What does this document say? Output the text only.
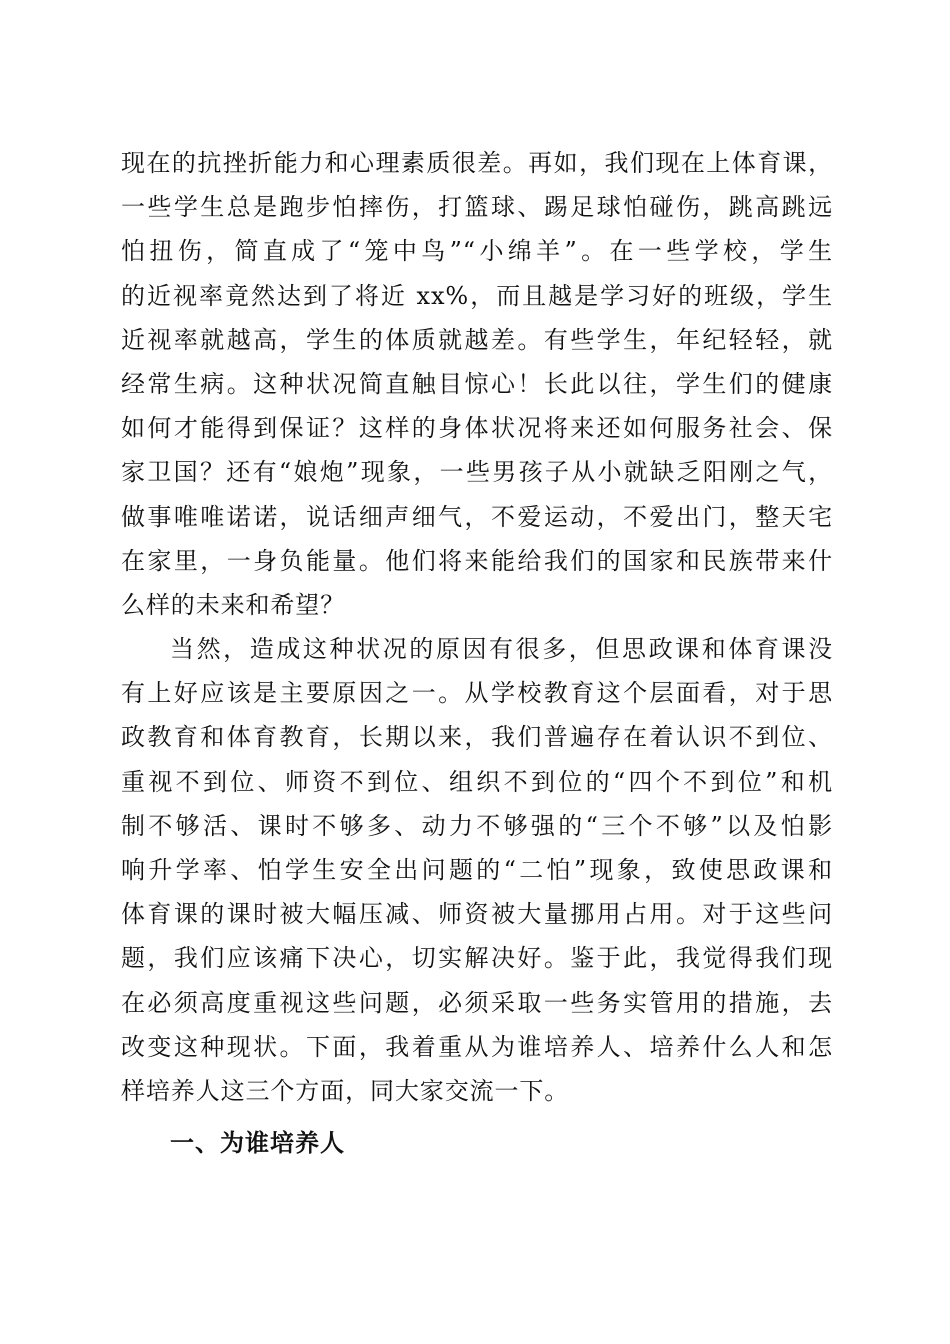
现在的抗挫折能力和心理素质很差。再如，我们现在上体育课，
一些学生总是跑步怕摔伤，打篮球、踢足球怕碰伤，跳高跳远
怕扭伤，简直成了“笼中鸟”“小绵羊”。在一些学校，学生
的近视率竟然达到了将近 xx%，而且越是学习好的班级，学生
近视率就越高，学生的体质就越差。有些学生，年纪轻轻，就
经常生病。这种状况简直触目惊心！长此以往，学生们的健康
如何才能得到保证？这样的身体状况将来还如何服务社会、保
家卫国？还有“娘炮”现象，一些男孩子从小就缺乏阳刚之气，
做事唯唯诺诺，说话细声细气，不爱运动，不爱出门，整天宅
在家里，一身负能量。他们将来能给我们的国家和民族带来什
么样的未来和希望？
当然，造成这种状况的原因有很多，但思政课和体育课没
有上好应该是主要原因之一。从学校教育这个层面看，对于思
政教育和体育教育，长期以来，我们普遍存在着认识不到位、
重视不到位、师资不到位、组织不到位的“四个不到位”和机
制不够活、课时不够多、动力不够强的“三个不够”以及怕影
响升学率、怕学生安全出问题的“二怕”现象，致使思政课和
体育课的课时被大幅压减、师资被大量挪用占用。对于这些问
题，我们应该痛下决心，切实解决好。鉴于此，我觉得我们现
在必须高度重视这些问题，必须采取一些务实管用的措施，去
改变这种现状。下面，我着重从为谁培养人、培养什么人和怎
样培养人这三个方面，同大家交流一下。
一、为谁培养人
